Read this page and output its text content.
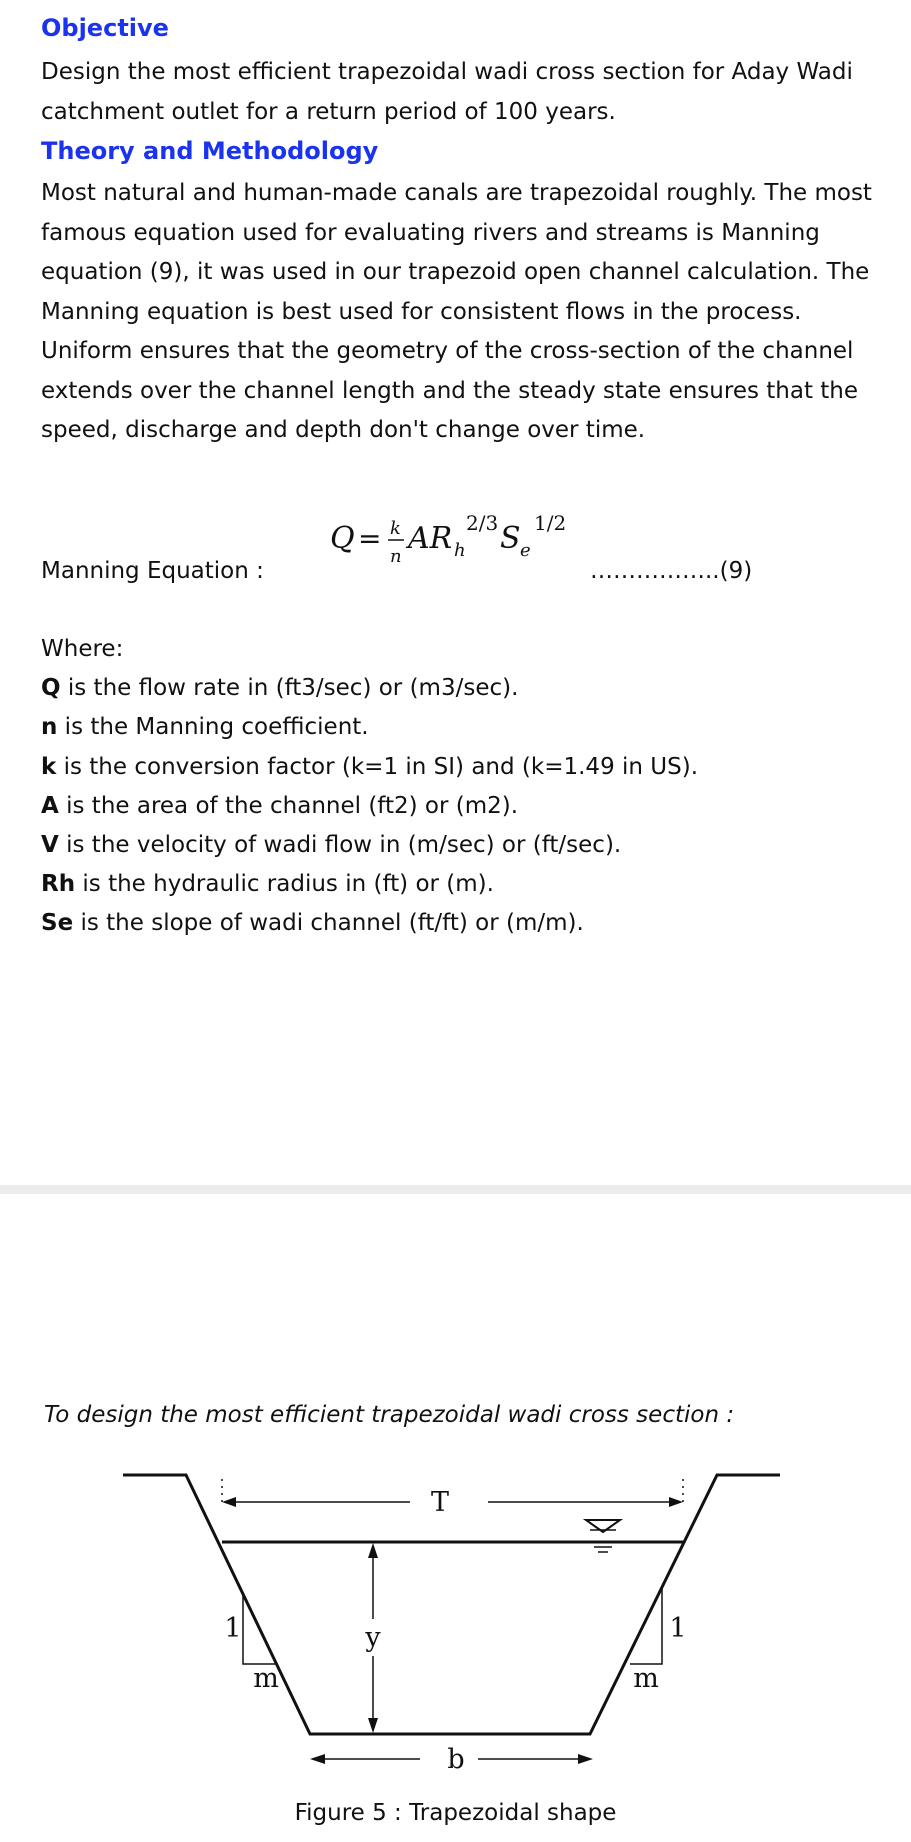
Objective
Design the most efficient trapezoidal wadi cross section for Aday Wadi catchment outlet for a return period of 100 years.
Theory and Methodology
Most natural and human-made canals are trapezoidal roughly. The most famous equation used for evaluating rivers and streams is Manning equation (9), it was used in our trapezoid open channel calculation. The Manning equation is best used for consistent flows in the process. Uniform ensures that the geometry of the cross-section of the channel extends over the channel length and the steady state ensures that the speed, discharge and depth don't change over time.
Q = k
n
AR h
2/3 S e
1/2
Manning Equation :	……………..(9)
Where:
Q is the flow rate in (ft3/sec) or (m3/sec).
n is the Manning coefficient.
k is the conversion factor (k=1 in SI) and (k=1.49 in US).
A is the area of the channel (ft2) or (m2).
V is the velocity of wadi flow in (m/sec) or (ft/sec).
Rh is the hydraulic radius in (ft) or (m).
Se is the slope of wadi channel (ft/ft) or (m/m).
To design the most efficient trapezoidal wadi cross section :
T
y
b
m	m
1	1
Figure 5 : Trapezoidal shape
